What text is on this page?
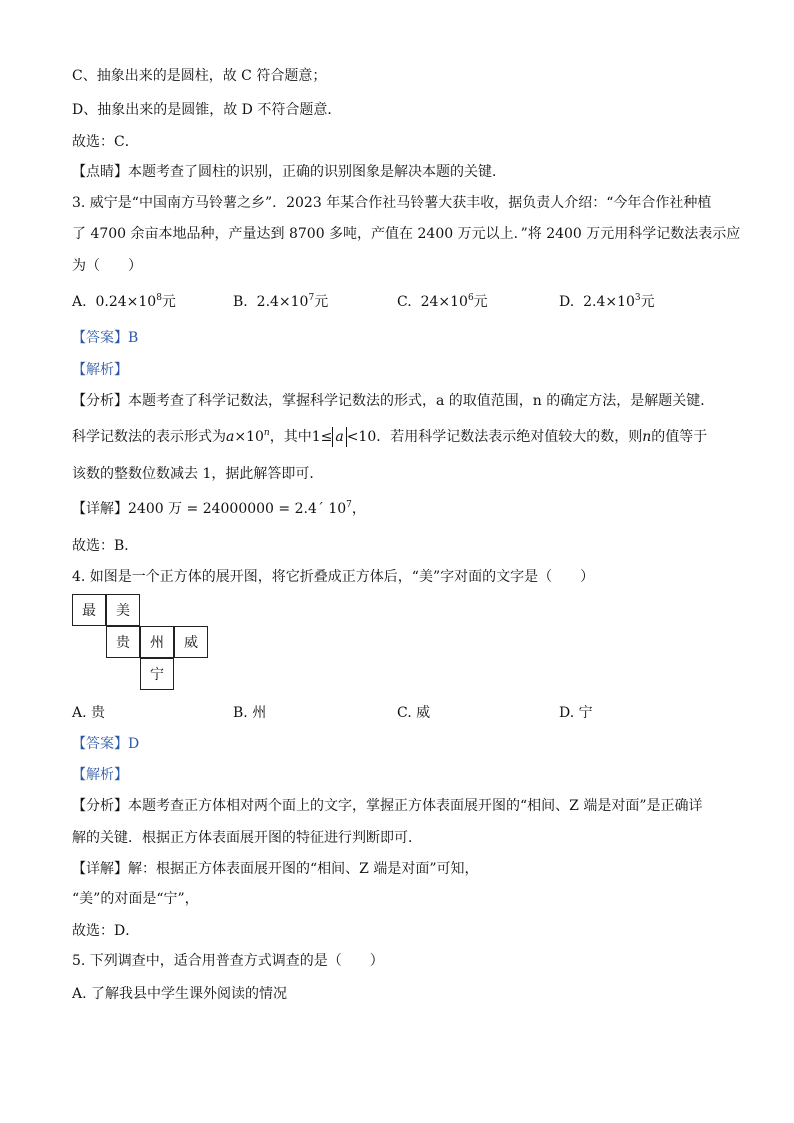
C、抽象出来的是圆柱，故 C 符合题意；
D、抽象出来的是圆锥，故 D 不符合题意．
故选：C．
【点睛】本题考查了圆柱的识别，正确的识别图象是解决本题的关键．
3. 威宁是“中国南方马铃薯之乡”．2023 年某合作社马铃薯大获丰收，据负责人介绍：“今年合作社种植
了 4700 余亩本地品种，产量达到 8700 多吨，产值在 2400 万元以上．”将 2400 万元用科学记数法表示应
为（　　）
A. $0.24\times 10^8$元	B. $2.4\times 10^7$元	C. $24\times 10^6$元	D. $2.4\times 10^3$元
【答案】B
【解析】
【分析】本题考查了科学记数法，掌握科学记数法的形式，a 的取值范围，n 的确定方法，是解题关键．
科学记数法的表示形式为$a\times 10^n$，其中1≤ a <10．若用科学记数法表示绝对值较大的数，则n的值等于
该数的整数位数减去 1，据此解答即可．
【详解】2400 万 = 24000000 = 2.4´ $10^7$，
故选：B．
4. 如图是一个正方体的展开图，将它折叠成正方体后，“美”字对面的文字是（　　）
最	美
贵	州	威
宁
A. 贵	B. 州	C. 威	D. 宁
【答案】D
【解析】
【分析】本题考查正方体相对两个面上的文字，掌握正方体表面展开图的“相间、Z 端是对面”是正确详
解的关键．根据正方体表面展开图的特征进行判断即可．
【详解】解：根据正方体表面展开图的“相间、Z 端是对面”可知，
“美”的对面是“宁”，
故选：D．
5. 下列调查中，适合用普查方式调查的是（　　）
A. 了解我县中学生课外阅读的情况
